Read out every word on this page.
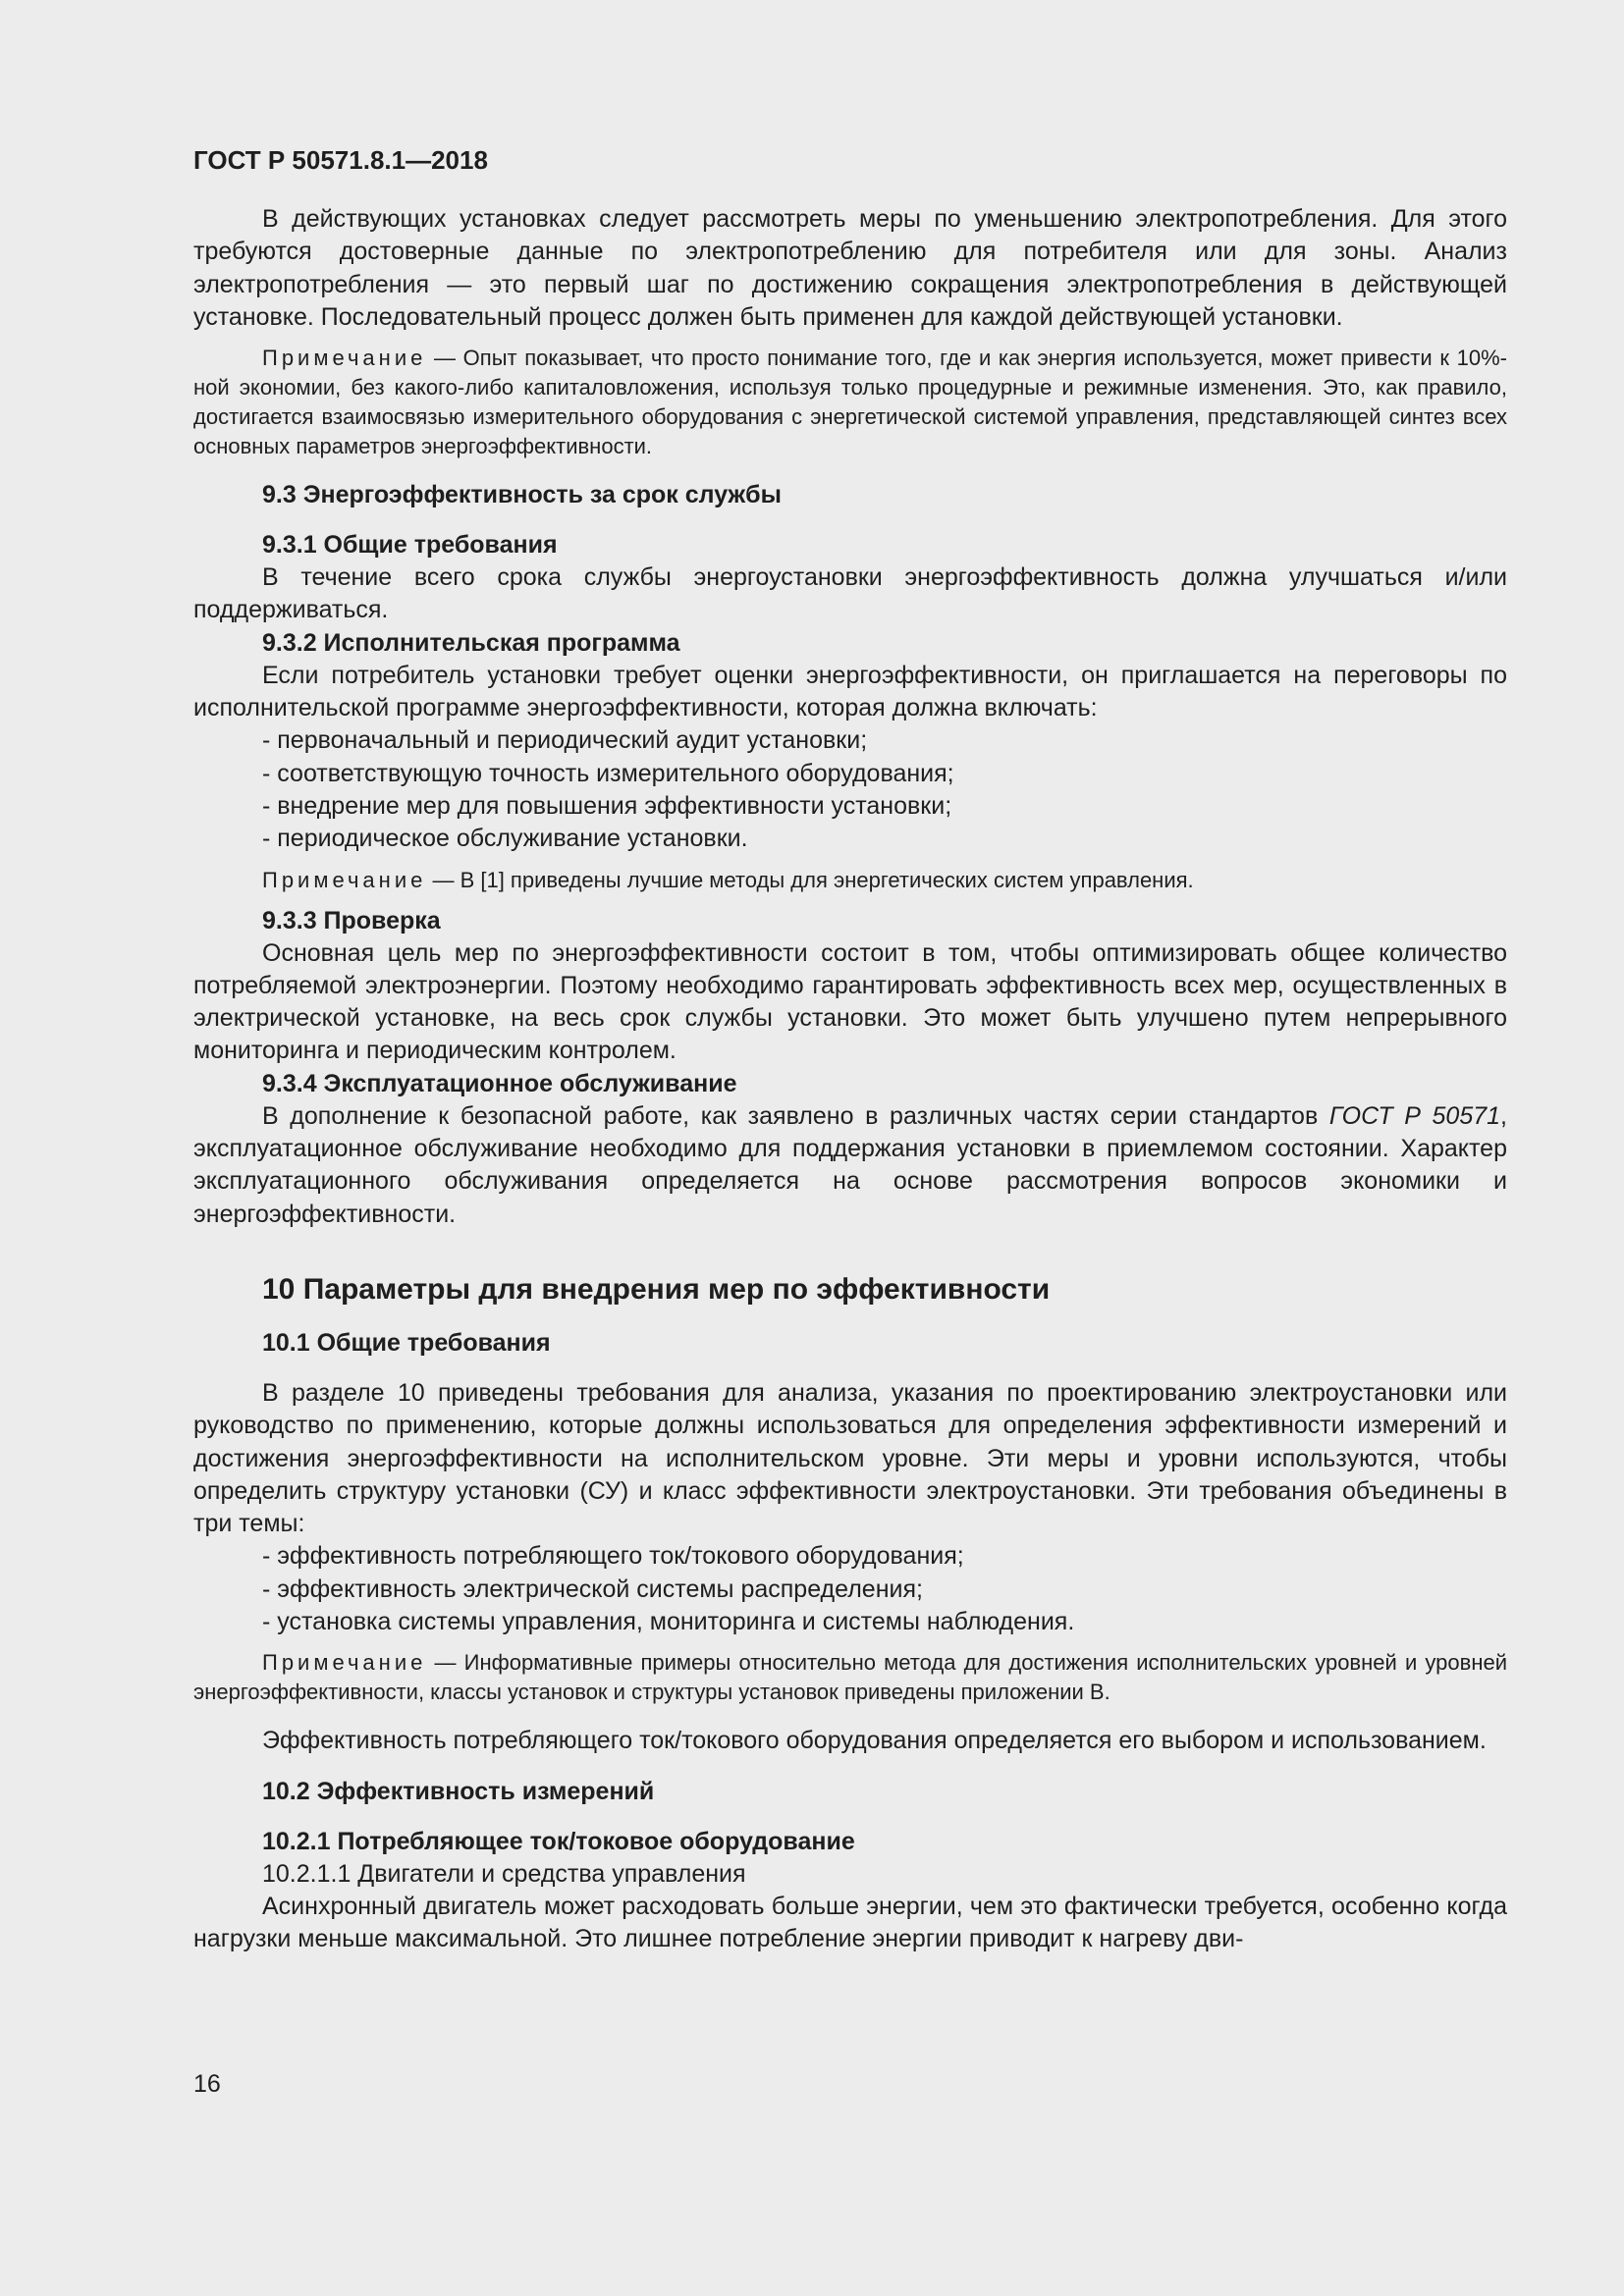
ГОСТ Р 50571.8.1—2018

В действующих установках следует рассмотреть меры по уменьшению электропотребления. Для этого требуются достоверные данные по электропотреблению для потребителя или для зоны. Анализ электропотребления — это первый шаг по достижению сокращения электропотребления в действующей установке. Последовательный процесс должен быть применен для каждой действующей установки.

Примечание — Опыт показывает, что просто понимание того, где и как энергия используется, может привести к 10%-ной экономии, без какого-либо капиталовложения, используя только процедурные и режимные изменения. Это, как правило, достигается взаимосвязью измерительного оборудования с энергетической системой управления, представляющей синтез всех основных параметров энергоэффективности.

9.3 Энергоэффективность за срок службы
9.3.1 Общие требования

В течение всего срока службы энергоустановки энергоэффективность должна улучшаться и/или поддерживаться.

9.3.2 Исполнительская программа

Если потребитель установки требует оценки энергоэффективности, он приглашается на переговоры по исполнительской программе энергоэффективности, которая должна включать:

- первоначальный и периодический аудит установки;
- соответствующую точность измерительного оборудования;
- внедрение мер для повышения эффективности установки;
- периодическое обслуживание установки.

Примечание — В [1] приведены лучшие методы для энергетических систем управления.

9.3.3 Проверка

Основная цель мер по энергоэффективности состоит в том, чтобы оптимизировать общее количество потребляемой электроэнергии. Поэтому необходимо гарантировать эффективность всех мер, осуществленных в электрической установке, на весь срок службы установки. Это может быть улучшено путем непрерывного мониторинга и периодическим контролем.

9.3.4 Эксплуатационное обслуживание

В дополнение к безопасной работе, как заявлено в различных частях серии стандартов ГОСТ Р 50571, эксплуатационное обслуживание необходимо для поддержания установки в приемлемом состоянии. Характер эксплуатационного обслуживания определяется на основе рассмотрения вопросов экономики и энергоэффективности.

10 Параметры для внедрения мер по эффективности
10.1 Общие требования

В разделе 10 приведены требования для анализа, указания по проектированию электроустановки или руководство по применению, которые должны использоваться для определения эффективности измерений и достижения энергоэффективности на исполнительском уровне. Эти меры и уровни используются, чтобы определить структуру установки (СУ) и класс эффективности электроустановки. Эти требования объединены в три темы:

- эффективность потребляющего ток/токового оборудования;
- эффективность электрической системы распределения;
- установка системы управления, мониторинга и системы наблюдения.

Примечание — Информативные примеры относительно метода для достижения исполнительских уровней и уровней энергоэффективности, классы установок и структуры установок приведены приложении В.

Эффективность потребляющего ток/токового оборудования определяется его выбором и использованием.

10.2 Эффективность измерений
10.2.1 Потребляющее ток/токовое оборудование

10.2.1.1 Двигатели и средства управления

Асинхронный двигатель может расходовать больше энергии, чем это фактически требуется, особенно когда нагрузки меньше максимальной. Это лишнее потребление энергии приводит к нагреву дви-

16
